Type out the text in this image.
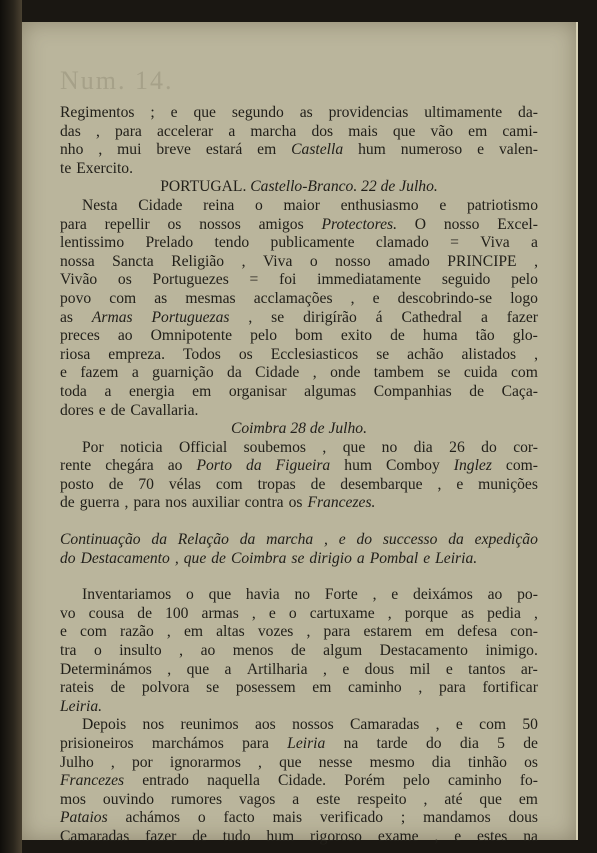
Num. 14.
Regimentos ; e que segundo as providencias ultimamente da-
das , para accelerar a marcha dos mais que vão em cami-
nho , mui breve estará em Castella hum numeroso e valen-
te Exercito.
PORTUGAL. Castello-Branco. 22 de Julho.
Nesta Cidade reina o maior enthusiasmo e patriotismo
para repellir os nossos amigos Protectores. O nosso Excel-
lentissimo Prelado tendo publicamente clamado = Viva a
nossa Sancta Religião , Viva o nosso amado PRINCIPE ,
Vivão os Portuguezes = foi immediatamente seguido pelo
povo com as mesmas acclamações , e descobrindo-se logo
as Armas Portuguezas , se dirigírão á Cathedral a fazer
preces ao Omnipotente pelo bom exito de huma tão glo-
riosa empreza. Todos os Ecclesiasticos se achão alistados ,
e fazem a guarnição da Cidade , onde tambem se cuida com
toda a energia em organisar algumas Companhias de Caça-
dores e de Cavallaria.
Coimbra 28 de Julho.
Por noticia Official soubemos , que no dia 26 do cor-
rente chegára ao Porto da Figueira hum Comboy Inglez com-
posto de 70 vélas com tropas de desembarque , e munições
de guerra , para nos auxiliar contra os Francezes.
Continuação da Relação da marcha , e do successo da expedição
do Destacamento , que de Coimbra se dirigio a Pombal e Leiria.
Inventariamos o que havia no Forte , e deixámos ao po-
vo cousa de 100 armas , e o cartuxame , porque as pedia ,
e com razão , em altas vozes , para estarem em defesa con-
tra o insulto , ao menos de algum Destacamento inimigo.
Determinámos , que a Artilharia , e dous mil e tantos ar-
rateis de polvora se posessem em caminho , para fortificar
Leiria.
Depois nos reunimos aos nossos Camaradas , e com 50
prisioneiros marchámos para Leiria na tarde do dia 5 de
Julho , por ignorarmos , que nesse mesmo dia tinhão os
Francezes entrado naquella Cidade. Porém pelo caminho fo-
mos ouvindo rumores vagos a este respeito , até que em
Pataios achámos o facto mais verificado ; mandamos dous
Camaradas fazer de tudo hum rigoroso exame , e estes na
